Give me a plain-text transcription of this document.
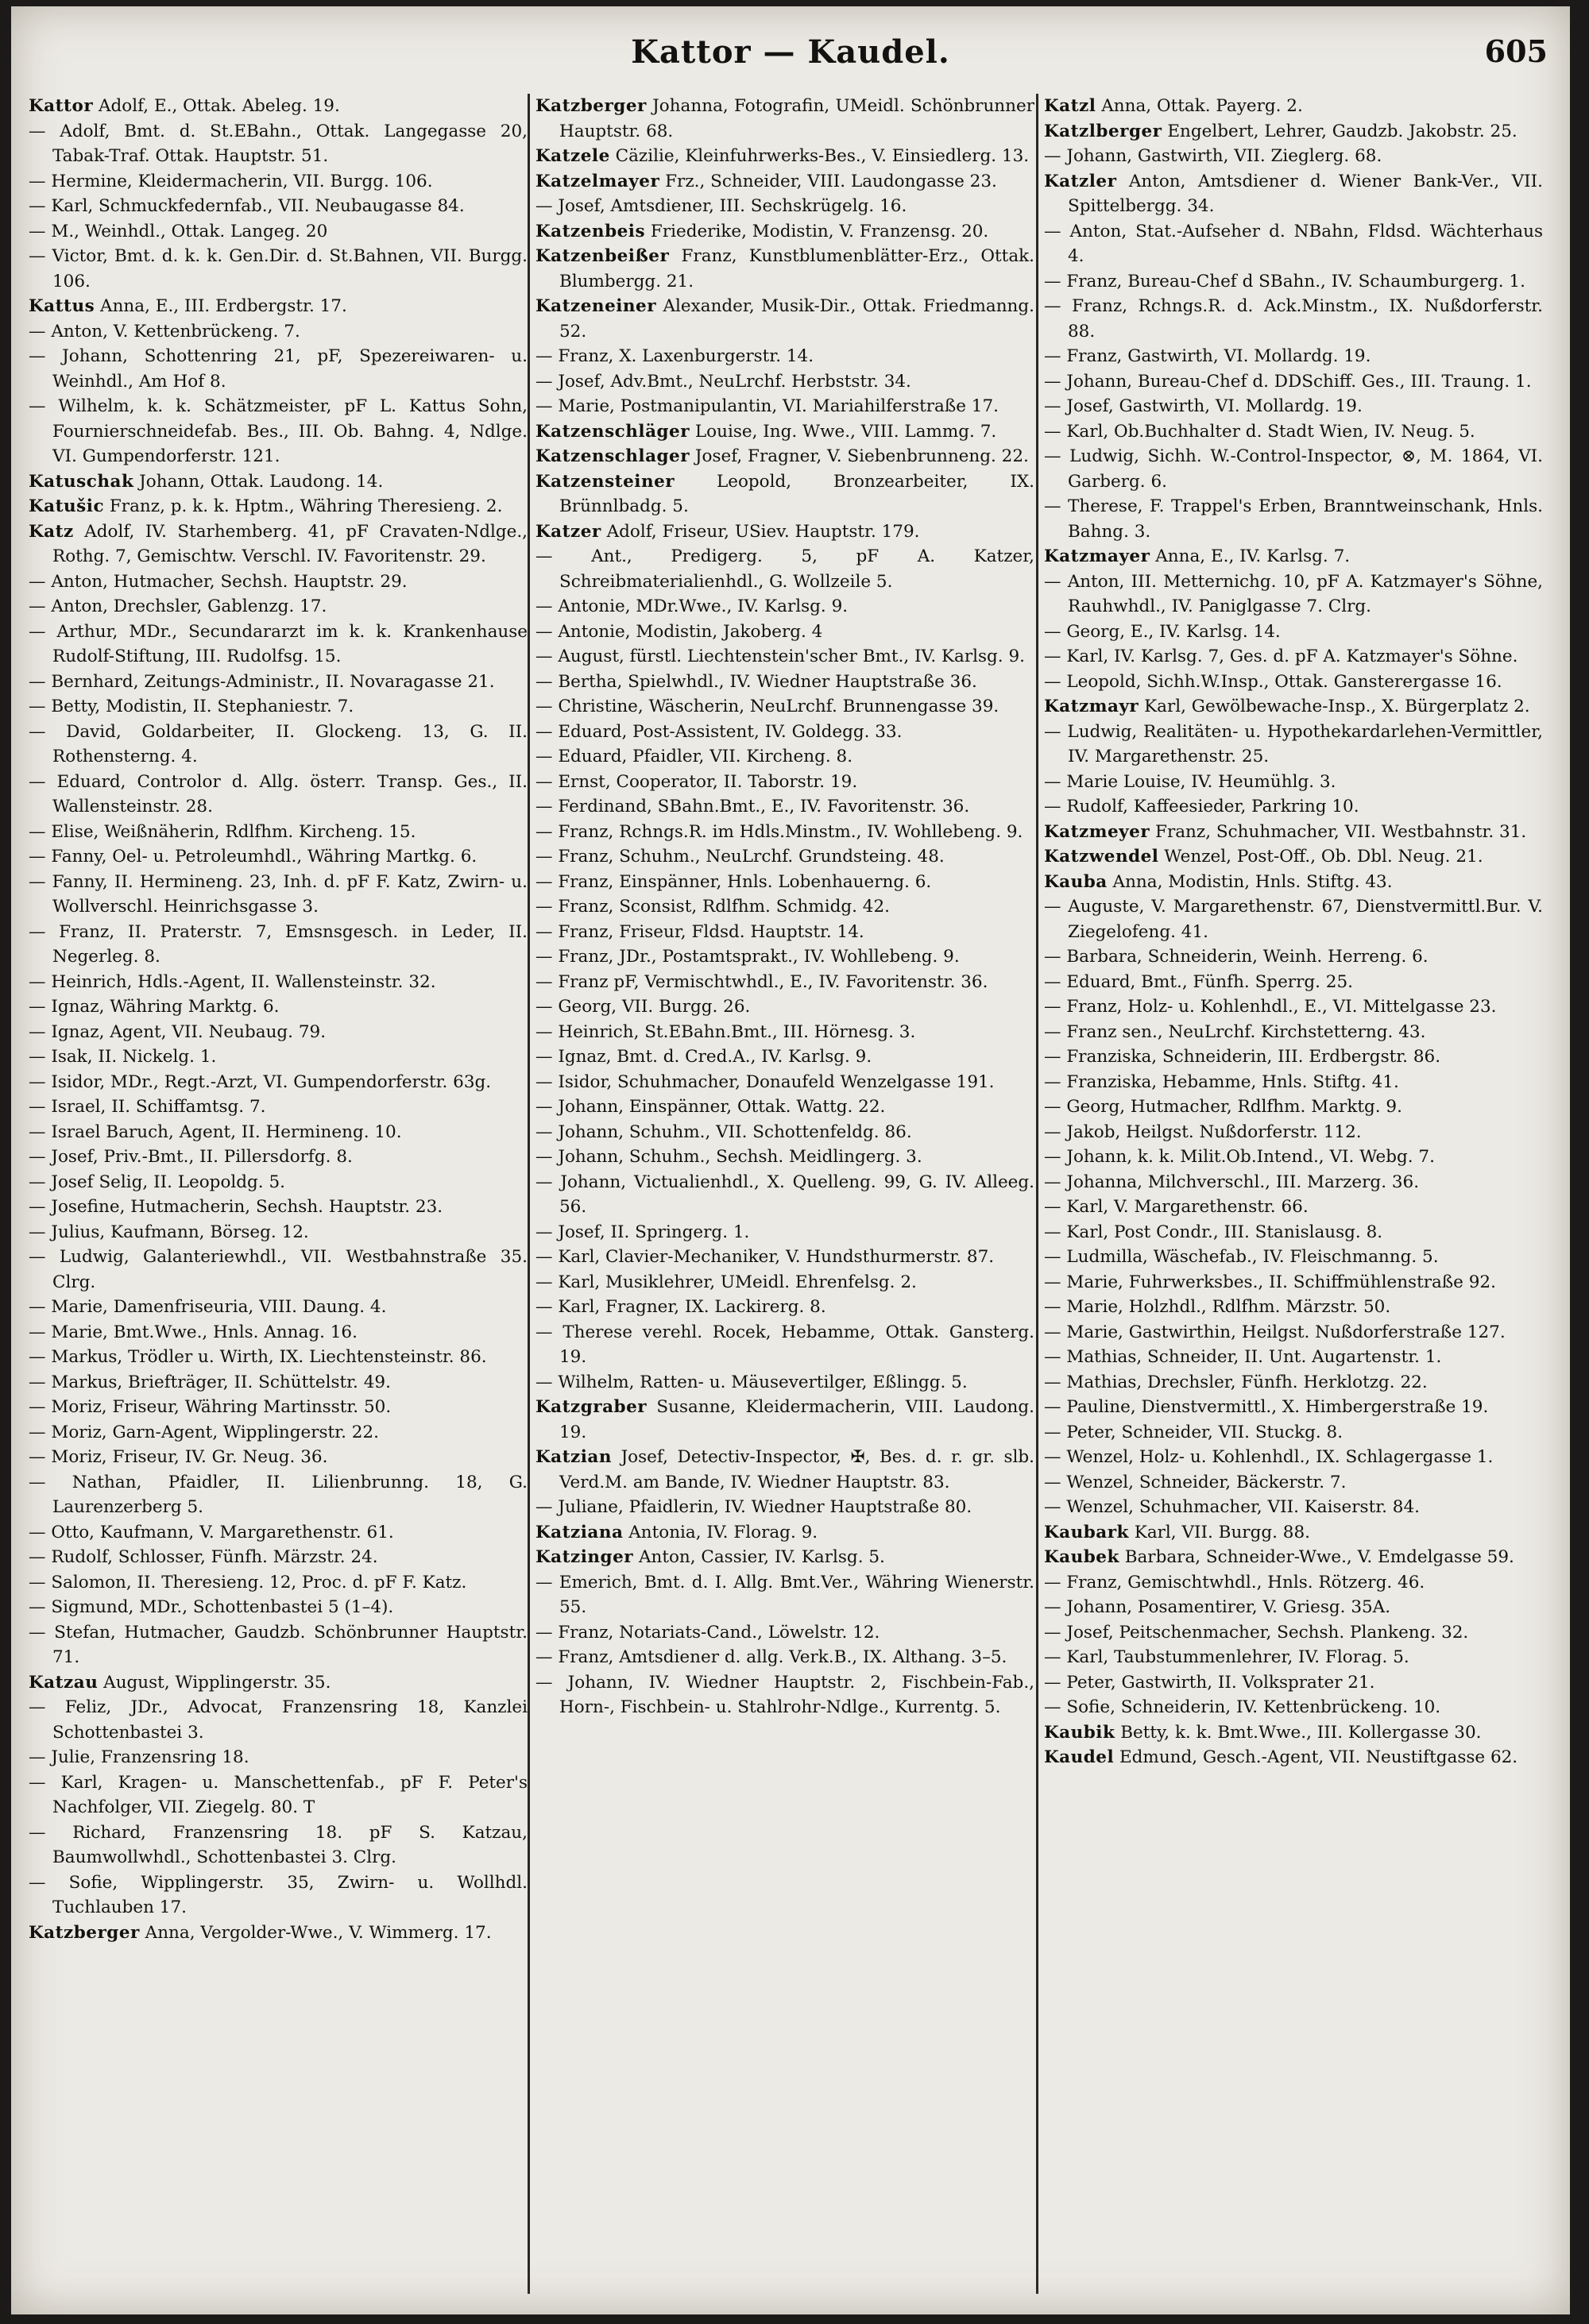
Kattor — Kaudel.	605

Kattor Adolf, E., Ottak. Abeleg. 19.

— Adolf, Bmt. d. St.EBahn., Ottak. Langegasse 20, Tabak-Traf. Ottak. Hauptstr. 51.

— Hermine, Kleidermacherin, VII. Burgg. 106.

— Karl, Schmuckfedernfab., VII. Neubaugasse 84.

— M., Weinhdl., Ottak. Langeg. 20

— Victor, Bmt. d. k. k. Gen.Dir. d. St.Bahnen, VII. Burgg. 106.

Kattus Anna, E., III. Erdbergstr. 17.

— Anton, V. Kettenbrückeng. 7.

— Johann, Schottenring 21, pF, Spezereiwaren- u. Weinhdl., Am Hof 8.

— Wilhelm, k. k. Schätzmeister, pF L. Kattus Sohn, Fournierschneidefab. Bes., III. Ob. Bahng. 4, Ndlge. VI. Gumpendorferstr. 121.

Katuschak Johann, Ottak. Laudong. 14.

Katušic Franz, p. k. k. Hptm., Währing Theresieng. 2.

Katz Adolf, IV. Starhemberg. 41, pF Cravaten-Ndlge., Rothg. 7, Gemischtw. Verschl. IV. Favoritenstr. 29.

— Anton, Hutmacher, Sechsh. Hauptstr. 29.

— Anton, Drechsler, Gablenzg. 17.

— Arthur, MDr., Secundararzt im k. k. Krankenhause Rudolf-Stiftung, III. Rudolfsg. 15.

— Bernhard, Zeitungs-Administr., II. Novaragasse 21.

— Betty, Modistin, II. Stephaniestr. 7.

— David, Goldarbeiter, II. Glockeng. 13, G. II. Rothensterng. 4.

— Eduard, Controlor d. Allg. österr. Transp. Ges., II. Wallensteinstr. 28.

— Elise, Weißnäherin, Rdlfhm. Kircheng. 15.

— Fanny, Oel- u. Petroleumhdl., Währing Martkg. 6.

— Fanny, II. Hermineng. 23, Inh. d. pF F. Katz, Zwirn- u. Wollverschl. Heinrichsgasse 3.

— Franz, II. Praterstr. 7, Emsnsgesch. in Leder, II. Negerleg. 8.

— Heinrich, Hdls.-Agent, II. Wallensteinstr. 32.

— Ignaz, Währing Marktg. 6.

— Ignaz, Agent, VII. Neubaug. 79.

— Isak, II. Nickelg. 1.

— Isidor, MDr., Regt.-Arzt, VI. Gumpendorferstr. 63g.

— Israel, II. Schiffamtsg. 7.

— Israel Baruch, Agent, II. Hermineng. 10.

— Josef, Priv.-Bmt., II. Pillersdorfg. 8.

— Josef Selig, II. Leopoldg. 5.

— Josefine, Hutmacherin, Sechsh. Hauptstr. 23.

— Julius, Kaufmann, Börseg. 12.

— Ludwig, Galanteriewhdl., VII. Westbahnstraße 35. Clrg.

— Marie, Damenfriseuria, VIII. Daung. 4.

— Marie, Bmt.Wwe., Hnls. Annag. 16.

— Markus, Trödler u. Wirth, IX. Liechtensteinstr. 86.

— Markus, Briefträger, II. Schüttelstr. 49.

— Moriz, Friseur, Währing Martinsstr. 50.

— Moriz, Garn-Agent, Wipplingerstr. 22.

— Moriz, Friseur, IV. Gr. Neug. 36.

— Nathan, Pfaidler, II. Lilienbrunng. 18, G. Laurenzerberg 5.

— Otto, Kaufmann, V. Margarethenstr. 61.

— Rudolf, Schlosser, Fünfh. Märzstr. 24.

— Salomon, II. Theresieng. 12, Proc. d. pF F. Katz.

— Sigmund, MDr., Schottenbastei 5 (1–4).

— Stefan, Hutmacher, Gaudzb. Schönbrunner Hauptstr. 71.

Katzau August, Wipplingerstr. 35.

— Feliz, JDr., Advocat, Franzensring 18, Kanzlei Schottenbastei 3.

— Julie, Franzensring 18.

— Karl, Kragen- u. Manschettenfab., pF F. Peter's Nachfolger, VII. Ziegelg. 80. T

— Richard, Franzensring 18. pF S. Katzau, Baumwollwhdl., Schottenbastei 3. Clrg.

— Sofie, Wipplingerstr. 35, Zwirn- u. Wollhdl. Tuchlauben 17.

Katzberger Anna, Vergolder-Wwe., V. Wimmerg. 17.

Katzberger Johanna, Fotografin, UMeidl. Schönbrunner Hauptstr. 68.

Katzele Cäzilie, Kleinfuhrwerks-Bes., V. Einsiedlerg. 13.

Katzelmayer Frz., Schneider, VIII. Laudongasse 23.

— Josef, Amtsdiener, III. Sechskrügelg. 16.

Katzenbeis Friederike, Modistin, V. Franzensg. 20.

Katzenbeißer Franz, Kunstblumenblätter-Erz., Ottak. Blumbergg. 21.

Katzeneiner Alexander, Musik-Dir., Ottak. Friedmanng. 52.

— Franz, X. Laxenburgerstr. 14.

— Josef, Adv.Bmt., NeuLrchf. Herbststr. 34.

— Marie, Postmanipulantin, VI. Mariahilferstraße 17.

Katzenschläger Louise, Ing. Wwe., VIII. Lammg. 7.

Katzenschlager Josef, Fragner, V. Siebenbrunneng. 22.

Katzensteiner Leopold, Bronzearbeiter, IX. Brünnlbadg. 5.

Katzer Adolf, Friseur, USiev. Hauptstr. 179.

— Ant., Predigerg. 5, pF A. Katzer, Schreibmaterialienhdl., G. Wollzeile 5.

— Antonie, MDr.Wwe., IV. Karlsg. 9.

— Antonie, Modistin, Jakoberg. 4

— August, fürstl. Liechtenstein'scher Bmt., IV. Karlsg. 9.

— Bertha, Spielwhdl., IV. Wiedner Hauptstraße 36.

— Christine, Wäscherin, NeuLrchf. Brunnengasse 39.

— Eduard, Post-Assistent, IV. Goldegg. 33.

— Eduard, Pfaidler, VII. Kircheng. 8.

— Ernst, Cooperator, II. Taborstr. 19.

— Ferdinand, SBahn.Bmt., E., IV. Favoritenstr. 36.

— Franz, Rchngs.R. im Hdls.Minstm., IV. Wohllebeng. 9.

— Franz, Schuhm., NeuLrchf. Grundsteing. 48.

— Franz, Einspänner, Hnls. Lobenhauerng. 6.

— Franz, Sconsist, Rdlfhm. Schmidg. 42.

— Franz, Friseur, Fldsd. Hauptstr. 14.

— Franz, JDr., Postamtsprakt., IV. Wohllebeng. 9.

— Franz pF, Vermischtwhdl., E., IV. Favoritenstr. 36.

— Georg, VII. Burgg. 26.

— Heinrich, St.EBahn.Bmt., III. Hörnesg. 3.

— Ignaz, Bmt. d. Cred.A., IV. Karlsg. 9.

— Isidor, Schuhmacher, Donaufeld Wenzelgasse 191.

— Johann, Einspänner, Ottak. Wattg. 22.

— Johann, Schuhm., VII. Schottenfeldg. 86.

— Johann, Schuhm., Sechsh. Meidlingerg. 3.

— Johann, Victualienhdl., X. Quelleng. 99, G. IV. Alleeg. 56.

— Josef, II. Springerg. 1.

— Karl, Clavier-Mechaniker, V. Hundsthurmerstr. 87.

— Karl, Musiklehrer, UMeidl. Ehrenfelsg. 2.

— Karl, Fragner, IX. Lackirerg. 8.

— Therese verehl. Rocek, Hebamme, Ottak. Gansterg. 19.

— Wilhelm, Ratten- u. Mäusevertilger, Eßlingg. 5.

Katzgraber Susanne, Kleidermacherin, VIII. Laudong. 19.

Katzian Josef, Detectiv-Inspector, ✠, Bes. d. r. gr. slb. Verd.M. am Bande, IV. Wiedner Hauptstr. 83.

— Juliane, Pfaidlerin, IV. Wiedner Hauptstraße 80.

Katziana Antonia, IV. Florag. 9.

Katzinger Anton, Cassier, IV. Karlsg. 5.

— Emerich, Bmt. d. I. Allg. Bmt.Ver., Währing Wienerstr. 55.

— Franz, Notariats-Cand., Löwelstr. 12.

— Franz, Amtsdiener d. allg. Verk.B., IX. Althang. 3–5.

— Johann, IV. Wiedner Hauptstr. 2, Fischbein-Fab., Horn-, Fischbein- u. Stahlrohr-Ndlge., Kurrentg. 5.

Katzl Anna, Ottak. Payerg. 2.

Katzlberger Engelbert, Lehrer, Gaudzb. Jakobstr. 25.

— Johann, Gastwirth, VII. Zieglerg. 68.

Katzler Anton, Amtsdiener d. Wiener Bank-Ver., VII. Spittelbergg. 34.

— Anton, Stat.-Aufseher d. NBahn, Fldsd. Wächterhaus 4.

— Franz, Bureau-Chef d SBahn., IV. Schaumburgerg. 1.

— Franz, Rchngs.R. d. Ack.Minstm., IX. Nußdorferstr. 88.

— Franz, Gastwirth, VI. Mollardg. 19.

— Johann, Bureau-Chef d. DDSchiff. Ges., III. Traung. 1.

— Josef, Gastwirth, VI. Mollardg. 19.

— Karl, Ob.Buchhalter d. Stadt Wien, IV. Neug. 5.

— Ludwig, Sichh. W.-Control-Inspector, ⊗, M. 1864, VI. Garberg. 6.

— Therese, F. Trappel's Erben, Branntweinschank, Hnls. Bahng. 3.

Katzmayer Anna, E., IV. Karlsg. 7.

— Anton, III. Metternichg. 10, pF A. Katzmayer's Söhne, Rauhwhdl., IV. Paniglgasse 7. Clrg.

— Georg, E., IV. Karlsg. 14.

— Karl, IV. Karlsg. 7, Ges. d. pF A. Katzmayer's Söhne.

— Leopold, Sichh.W.Insp., Ottak. Gansterergasse 16.

Katzmayr Karl, Gewölbewache-Insp., X. Bürgerplatz 2.

— Ludwig, Realitäten- u. Hypothekardarlehen-Vermittler, IV. Margarethenstr. 25.

— Marie Louise, IV. Heumühlg. 3.

— Rudolf, Kaffeesieder, Parkring 10.

Katzmeyer Franz, Schuhmacher, VII. Westbahnstr. 31.

Katzwendel Wenzel, Post-Off., Ob. Dbl. Neug. 21.

Kauba Anna, Modistin, Hnls. Stiftg. 43.

— Auguste, V. Margarethenstr. 67, Dienstvermittl.Bur. V. Ziegelofeng. 41.

— Barbara, Schneiderin, Weinh. Herreng. 6.

— Eduard, Bmt., Fünfh. Sperrg. 25.

— Franz, Holz- u. Kohlenhdl., E., VI. Mittelgasse 23.

— Franz sen., NeuLrchf. Kirchstetterng. 43.

— Franziska, Schneiderin, III. Erdbergstr. 86.

— Franziska, Hebamme, Hnls. Stiftg. 41.

— Georg, Hutmacher, Rdlfhm. Marktg. 9.

— Jakob, Heilgst. Nußdorferstr. 112.

— Johann, k. k. Milit.Ob.Intend., VI. Webg. 7.

— Johanna, Milchverschl., III. Marzerg. 36.

— Karl, V. Margarethenstr. 66.

— Karl, Post Condr., III. Stanislausg. 8.

— Ludmilla, Wäschefab., IV. Fleischmanng. 5.

— Marie, Fuhrwerksbes., II. Schiffmühlenstraße 92.

— Marie, Holzhdl., Rdlfhm. Märzstr. 50.

— Marie, Gastwirthin, Heilgst. Nußdorferstraße 127.

— Mathias, Schneider, II. Unt. Augartenstr. 1.

— Mathias, Drechsler, Fünfh. Herklotzg. 22.

— Pauline, Dienstvermittl., X. Himbergerstraße 19.

— Peter, Schneider, VII. Stuckg. 8.

— Wenzel, Holz- u. Kohlenhdl., IX. Schlagergasse 1.

— Wenzel, Schneider, Bäckerstr. 7.

— Wenzel, Schuhmacher, VII. Kaiserstr. 84.

Kaubark Karl, VII. Burgg. 88.

Kaubek Barbara, Schneider-Wwe., V. Emdelgasse 59.

— Franz, Gemischtwhdl., Hnls. Rötzerg. 46.

— Johann, Posamentirer, V. Griesg. 35A.

— Josef, Peitschenmacher, Sechsh. Plankeng. 32.

— Karl, Taubstummenlehrer, IV. Florag. 5.

— Peter, Gastwirth, II. Volksprater 21.

— Sofie, Schneiderin, IV. Kettenbrückeng. 10.

Kaubik Betty, k. k. Bmt.Wwe., III. Kollergasse 30.

Kaudel Edmund, Gesch.-Agent, VII. Neustiftgasse 62.
